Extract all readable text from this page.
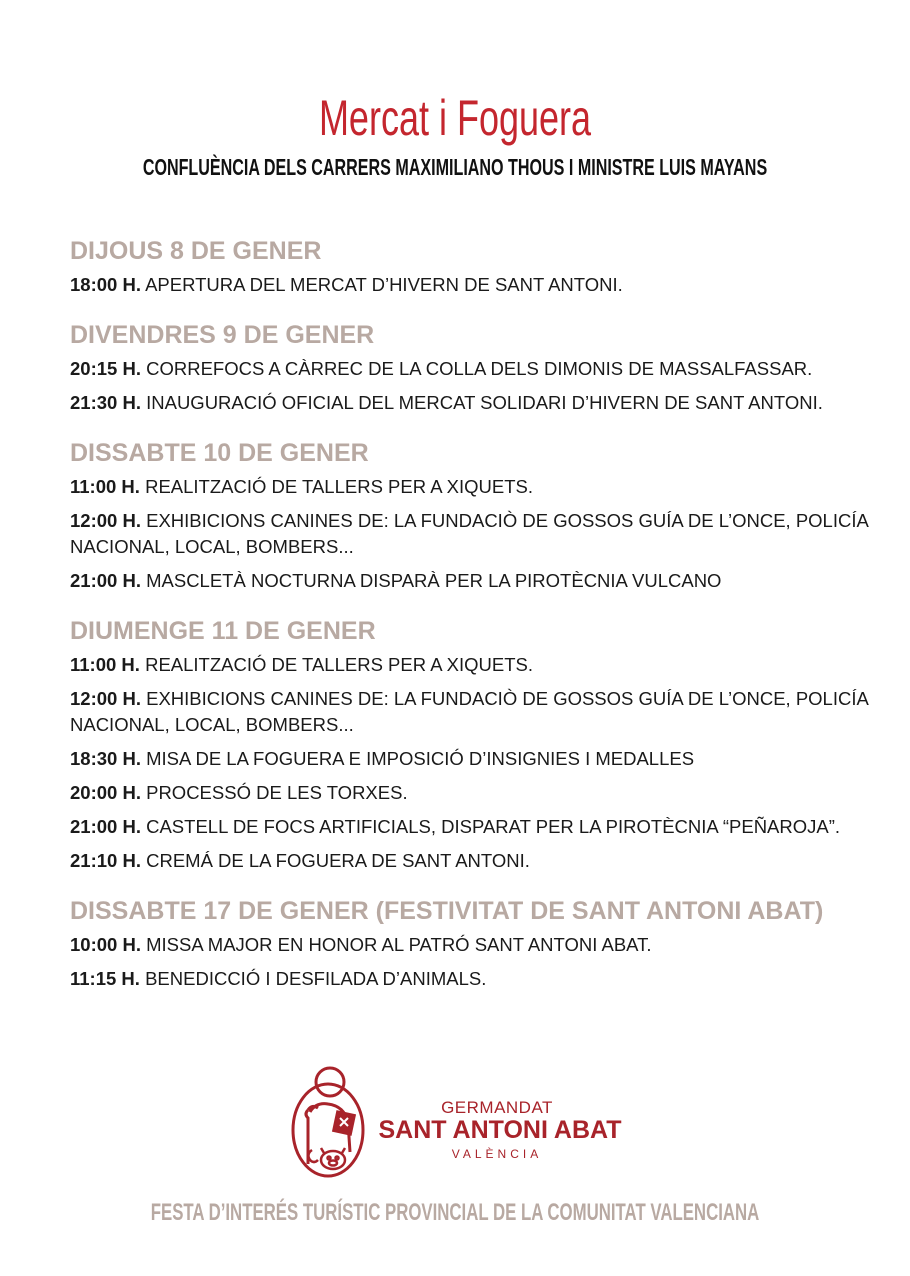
Mercat i Foguera
CONFLUÈNCIA DELS CARRERS MAXIMILIANO THOUS I MINISTRE LUIS MAYANS
DIJOUS 8 DE GENER
18:00 H. APERTURA DEL MERCAT D’HIVERN DE SANT ANTONI.
DIVENDRES 9 DE GENER
20:15 H. CORREFOCS A CÀRREC DE LA COLLA DELS DIMONIS DE MASSALFASSAR.
21:30 H. INAUGURACIÓ OFICIAL DEL MERCAT SOLIDARI D’HIVERN DE SANT ANTONI.
DISSABTE 10 DE GENER
11:00 H. REALITZACIÓ DE TALLERS PER A XIQUETS.
12:00 H. EXHIBICIONS CANINES DE: LA FUNDACIÒ DE GOSSOS GUÍA DE L’ONCE, POLICÍA NACIONAL, LOCAL, BOMBERS...
21:00 H. MASCLETÀ NOCTURNA DISPARÀ PER LA PIROTÈCNIA VULCANO
DIUMENGE 11 DE GENER
11:00 H. REALITZACIÓ DE TALLERS PER A XIQUETS.
12:00 H. EXHIBICIONS CANINES DE: LA FUNDACIÒ DE GOSSOS GUÍA DE L’ONCE, POLICÍA NACIONAL, LOCAL, BOMBERS...
18:30 H. MISA DE LA FOGUERA E IMPOSICIÓ D’INSIGNIES I MEDALLES
20:00 H. PROCESSÓ DE LES TORXES.
21:00 H. CASTELL DE FOCS ARTIFICIALS, DISPARAT PER LA PIROTÈCNIA “PEÑAROJA”.
21:10 H. CREMÁ DE LA FOGUERA DE SANT ANTONI.
DISSABTE 17 DE GENER (FESTIVITAT DE SANT ANTONI ABAT)
10:00 H. MISSA MAJOR EN HONOR AL PATRÓ SANT ANTONI ABAT.
11:15 H. BENEDICCIÓ I DESFILADA D’ANIMALS.
GERMANDAT
SANT ANTONI ABAT
VALÈNCIA
FESTA D’INTERÉS TURÍSTIC PROVINCIAL DE LA COMUNITAT VALENCIANA
